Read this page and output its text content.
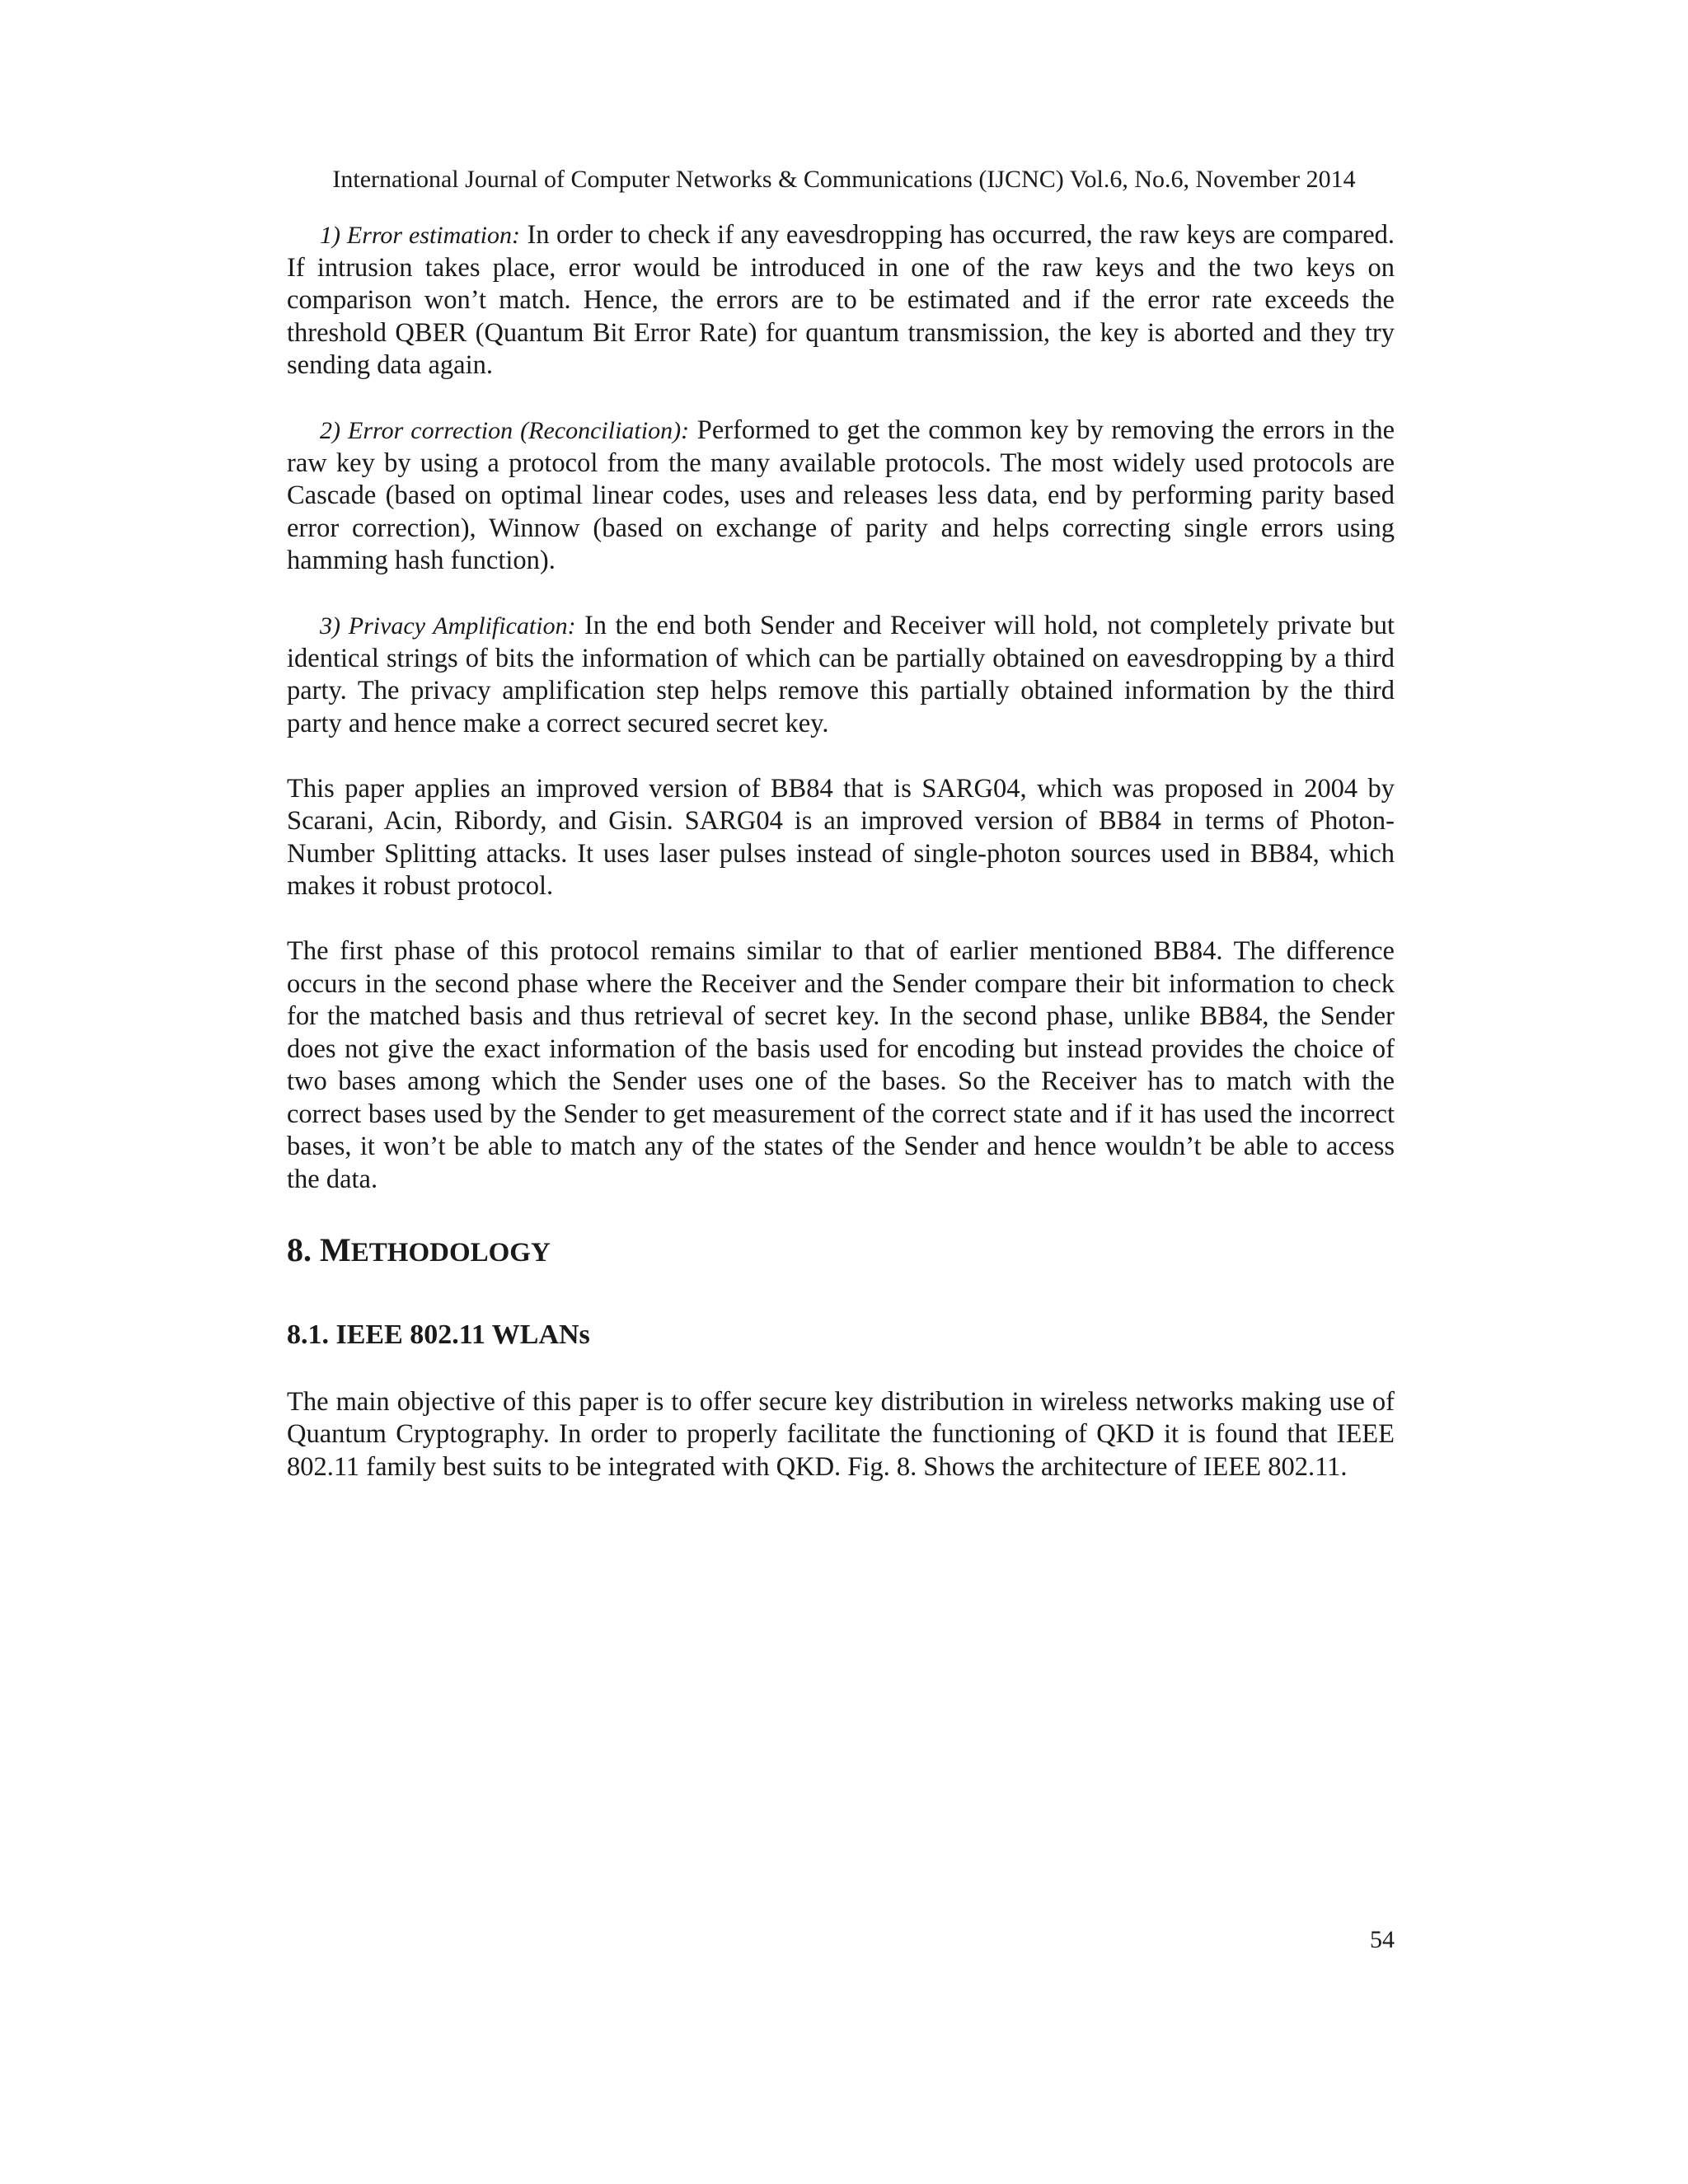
International Journal of Computer Networks & Communications (IJCNC) Vol.6, No.6, November 2014

1) Error estimation: In order to check if any eavesdropping has occurred, the raw keys are compared. If intrusion takes place, error would be introduced in one of the raw keys and the two keys on comparison won’t match. Hence, the errors are to be estimated and if the error rate exceeds the threshold QBER (Quantum Bit Error Rate) for quantum transmission, the key is aborted and they try sending data again.

2) Error correction (Reconciliation): Performed to get the common key by removing the errors in the raw key by using a protocol from the many available protocols. The most widely used protocols are Cascade (based on optimal linear codes, uses and releases less data, end by performing parity based error correction), Winnow (based on exchange of parity and helps correcting single errors using hamming hash function).

3) Privacy Amplification: In the end both Sender and Receiver will hold, not completely private but identical strings of bits the information of which can be partially obtained on eavesdropping by a third party. The privacy amplification step helps remove this partially obtained information by the third party and hence make a correct secured secret key.

This paper applies an improved version of BB84 that is SARG04, which was proposed in 2004 by Scarani, Acin, Ribordy, and Gisin. SARG04 is an improved version of BB84 in terms of Photon-Number Splitting attacks. It uses laser pulses instead of single-photon sources used in BB84, which makes it robust protocol.

The first phase of this protocol remains similar to that of earlier mentioned BB84. The difference occurs in the second phase where the Receiver and the Sender compare their bit information to check for the matched basis and thus retrieval of secret key. In the second phase, unlike BB84, the Sender does not give the exact information of the basis used for encoding but instead provides the choice of two bases among which the Sender uses one of the bases. So the Receiver has to match with the correct bases used by the Sender to get measurement of the correct state and if it has used the incorrect bases, it won’t be able to match any of the states of the Sender and hence wouldn’t be able to access the data.

8. METHODOLOGY
8.1. IEEE 802.11 WLANs

The main objective of this paper is to offer secure key distribution in wireless networks making use of Quantum Cryptography. In order to properly facilitate the functioning of QKD it is found that IEEE 802.11 family best suits to be integrated with QKD. Fig. 8. Shows the architecture of IEEE 802.11.

54
